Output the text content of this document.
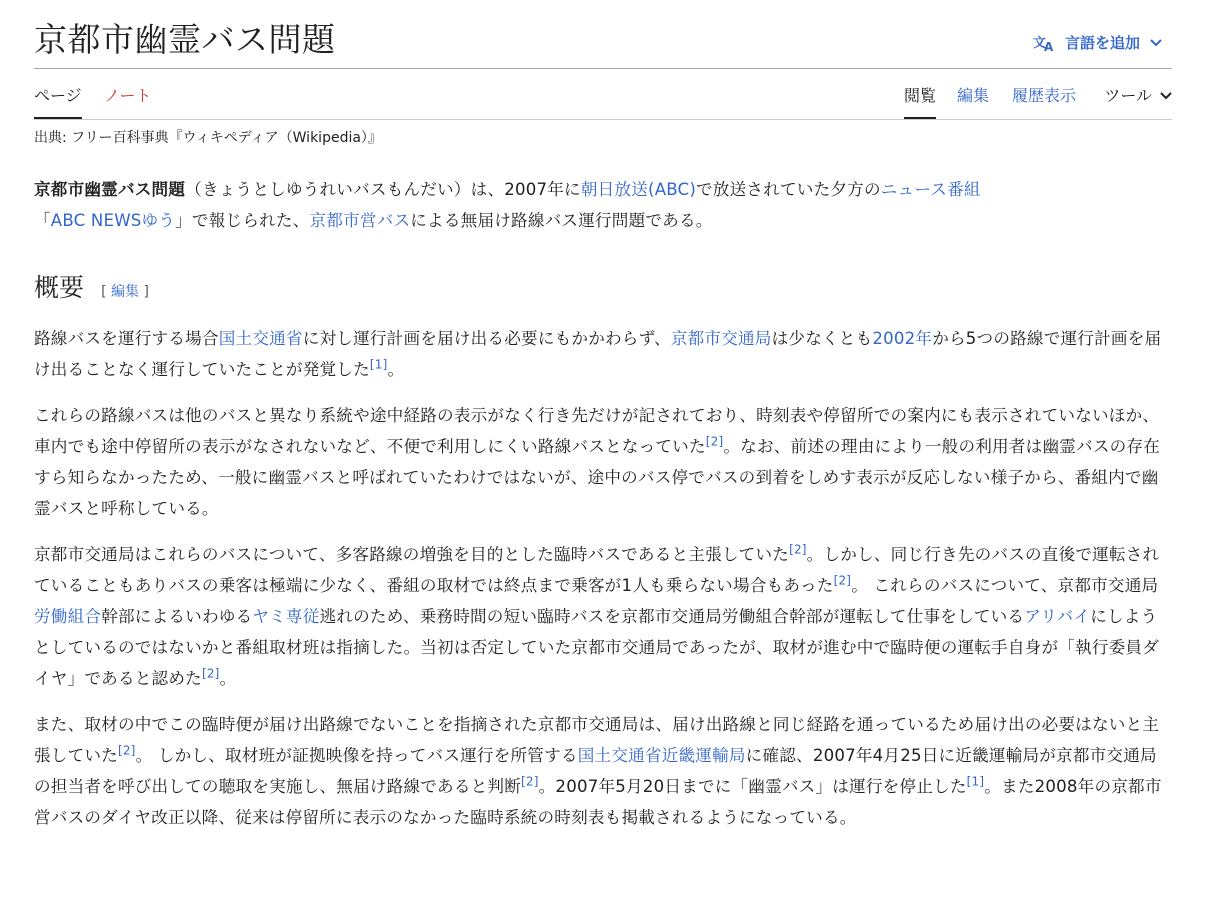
京都市幽霊バス問題	文
A 言語を追加
ページ ノート	閲覧 編集 履歴表示 ツール
出典: フリー百科事典『ウィキペディア（Wikipedia）』

京都市幽霊バス問題（きょうとしゆうれいバスもんだい）は、2007年に朝日放送(ABC)で放送されていた夕方のニュース番組
「ABC NEWSゆう」で報じられた、京都市営バスによる無届け路線バス運行問題である。

概要 [ 編集 ]

路線バスを運行する場合国土交通省に対し運行計画を届け出る必要にもかかわらず、京都市交通局は少なくとも2002年から5つの路線で運行計画を届け出ることなく運行していたことが発覚した[1]。

これらの路線バスは他のバスと異なり系統や途中経路の表示がなく行き先だけが記されており、時刻表や停留所での案内にも表示されていないほか、車内でも途中停留所の表示がなされないなど、不便で利用しにくい路線バスとなっていた[2]。なお、前述の理由により一般の利用者は幽霊バスの存在すら知らなかったため、一般に幽霊バスと呼ばれていたわけではないが、途中のバス停でバスの到着をしめす表示が反応しない様子から、番組内で幽霊バスと呼称している。

京都市交通局はこれらのバスについて、多客路線の増強を目的とした臨時バスであると主張していた[2]。しかし、同じ行き先のバスの直後で運転されていることもありバスの乗客は極端に少なく、番組の取材では終点まで乗客が1人も乗らない場合もあった[2]。 これらのバスについて、京都市交通局労働組合幹部によるいわゆるヤミ専従逃れのため、乗務時間の短い臨時バスを京都市交通局労働組合幹部が運転して仕事をしているアリバイにしようとしているのではないかと番組取材班は指摘した。当初は否定していた京都市交通局であったが、取材が進む中で臨時便の運転手自身が「執行委員ダイヤ」であると認めた[2]。

また、取材の中でこの臨時便が届け出路線でないことを指摘された京都市交通局は、届け出路線と同じ経路を通っているため届け出の必要はないと主張していた[2]。 しかし、取材班が証拠映像を持ってバス運行を所管する国土交通省近畿運輸局に確認、2007年4月25日に近畿運輸局が京都市交通局の担当者を呼び出しての聴取を実施し、無届け路線であると判断[2]。2007年5月20日までに「幽霊バス」は運行を停止した[1]。また2008年の京都市営バスのダイヤ改正以降、従来は停留所に表示のなかった臨時系統の時刻表も掲載されるようになっている。
